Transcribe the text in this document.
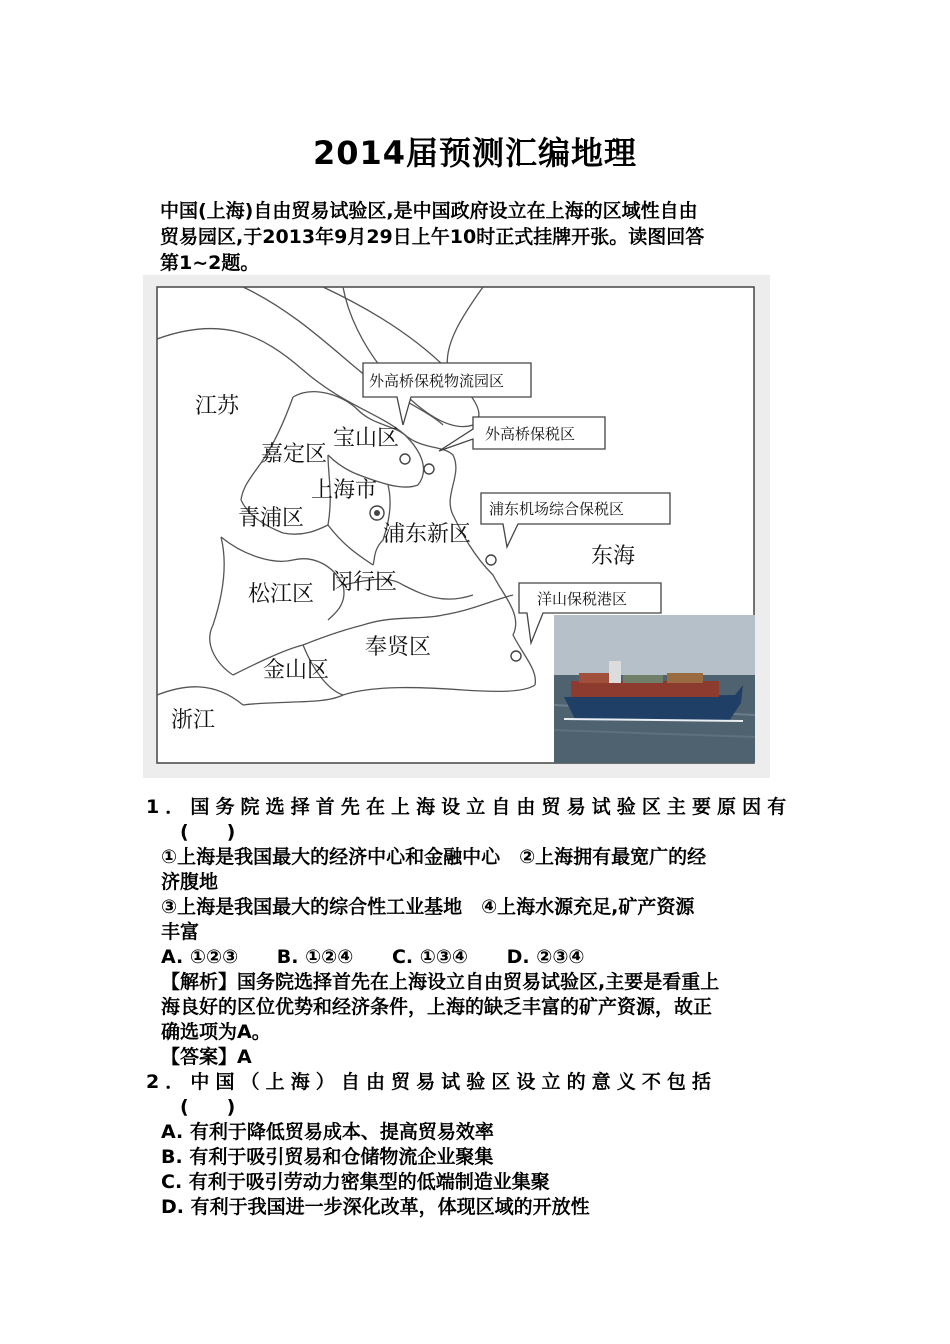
2014届预测汇编地理

中国(上海)自由贸易试验区,是中国政府设立在上海的区域性自由

贸易园区,于2013年9月29日上午10时正式挂牌开张。读图回答

第1~2题。

江苏
嘉定区
宝山区
上海市
青浦区
浦东新区
松江区 闵行区
奉贤区
金山区
浙江
东海
外高桥保税物流园区
外高桥保税区
浦东机场综合保税区
洋山保税港区

1．国务院选择首先在上海设立自由贸易试验区主要原因有

(　　)

①上海是我国最大的经济中心和金融中心　②上海拥有最宽广的经

济腹地

③上海是我国最大的综合性工业基地　④上海水源充足,矿产资源

丰富

A. ①②③ B. ①②④ C. ①③④ D. ②③④

【解析】国务院选择首先在上海设立自由贸易试验区,主要是看重上

海良好的区位优势和经济条件，上海的缺乏丰富的矿产资源，故正

确选项为A。

【答案】A

2．中国（上海）自由贸易试验区设立的意义不包括

(　　)

A. 有利于降低贸易成本、提高贸易效率

B. 有利于吸引贸易和仓储物流企业聚集

C. 有利于吸引劳动力密集型的低端制造业集聚

D. 有利于我国进一步深化改革，体现区域的开放性
